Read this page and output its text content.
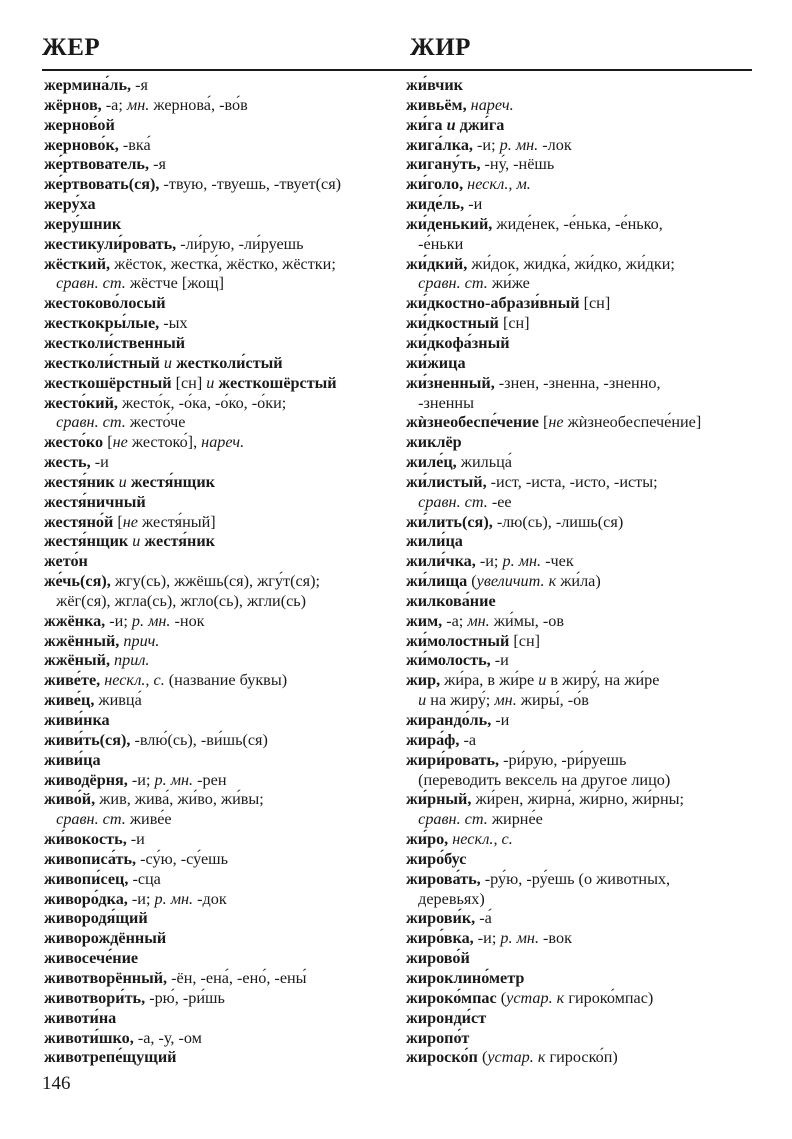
ЖЕР	ЖИР
жермина́ль, -я
жёрнов, -а; мн. жернова́, -во́в
жернов́ой
жерново́к, -вка́
же́ртвователь, -я
же́ртвовать(ся), -твую, -твуешь, -твует(ся)
жеру́ха
жеру́шник
жестикули́ровать, -ли́рую, -ли́руешь
жёсткий, жёсток, жестка́, жёстко, жёстки;
сравн. ст. жёстче [жощ]
жестоково́лосый
жесткокры́лые, -ых
жестколи́ственный
жестколи́стный и жестколи́стый
жесткошёрстный [сн] и жесткошёрстый
жесто́кий, жесто́к, -о́ка, -о́ко, -о́ки;
сравн. ст. жесто́че
жесто́ко [не жестоко́], нареч.
жесть, -и
жестя́ник и жестя́нщик
жестя́ничный
жестяно́й [не жестя́ный]
жестя́нщик и жестя́ник
жето́н
же́чь(ся), жгу(сь), жжёшь(ся), жгу́т(ся);
жёг(ся), жгла(сь), жгло(сь), жгли(сь)
жжёнка, -и; р. мн. -нок
жжённый, прич.
жжёный, прил.
живе́те, нескл., с. (название буквы)
живе́ц, живца́
живи́нка
живи́ть(ся), -влю́(сь), -ви́шь(ся)
живи́ца
живодёрня, -и; р. мн. -рен
живо́й, жив, жива́, жи́во, жи́вы;
сравн. ст. живе́е
жи́вокость, -и
живописа́ть, -су́ю, -су́ешь
живопи́сец, -сца
живоро́дка, -и; р. мн. -док
живородя́щий
живорождённый
живосече́ние
животворённый, -ён, -ена́, -ено́, -ены́
животвори́ть, -рю́, -ри́шь
животи́на
животи́шко, -а, -у, -ом
животрепе́щущий
жи́вчик
живьём, нареч.
жи́га и джи́га
жига́лка, -и; р. мн. -лок
жигану́ть, -ну́, -нёшь
жи́голо, нескл., м.
жиде́ль, -и
жи́денький, жиде́нек, -е́нька, -е́нько,
-е́ньки
жи́дкий, жи́док, жидка́, жи́дко, жи́дки;
сравн. ст. жи́же
жи́дкостно-абрази́вный [сн]
жи́дкостный [сн]
жи́дкофа́зный
жи́жица
жи́зненный, -знен, -зненна, -зненно,
-зненны
жѝзнеобеспе́чение [не жѝзнеобеспече́ние]
жиклёр
жиле́ц, жильца́
жи́листый, -ист, -иста, -исто, -исты;
сравн. ст. -ее
жи́лить(ся), -лю(сь), -лишь(ся)
жили́ца
жили́чка, -и; р. мн. -чек
жи́лища (увеличит. к жи́ла)
жилкова́ние
жим, -а; мн. жи́мы, -ов
жи́молостный [сн]
жи́молость, -и
жир, жи́ра, в жи́ре и в жиру́, на жи́ре
и на жиру́; мн. жиры́, -о́в
жирандо́ль, -и
жира́ф, -а
жири́ровать, -ри́рую, -ри́руешь
(переводить вексель на другое лицо)
жи́рный, жи́рен, жирна́, жи́рно, жи́рны;
сравн. ст. жирне́е
жи́ро, нескл., с.
жиро́бус
жирова́ть, -ру́ю, -ру́ешь (о животных,
деревьях)
жирови́к, -а́
жиро́вка, -и; р. мн. -вок
жирово́й
жироклино́метр
жироко́мпас (устар. к гироко́мпас)
жиронди́ст
жиропо́т
жироско́п (устар. к гироско́п)
146
